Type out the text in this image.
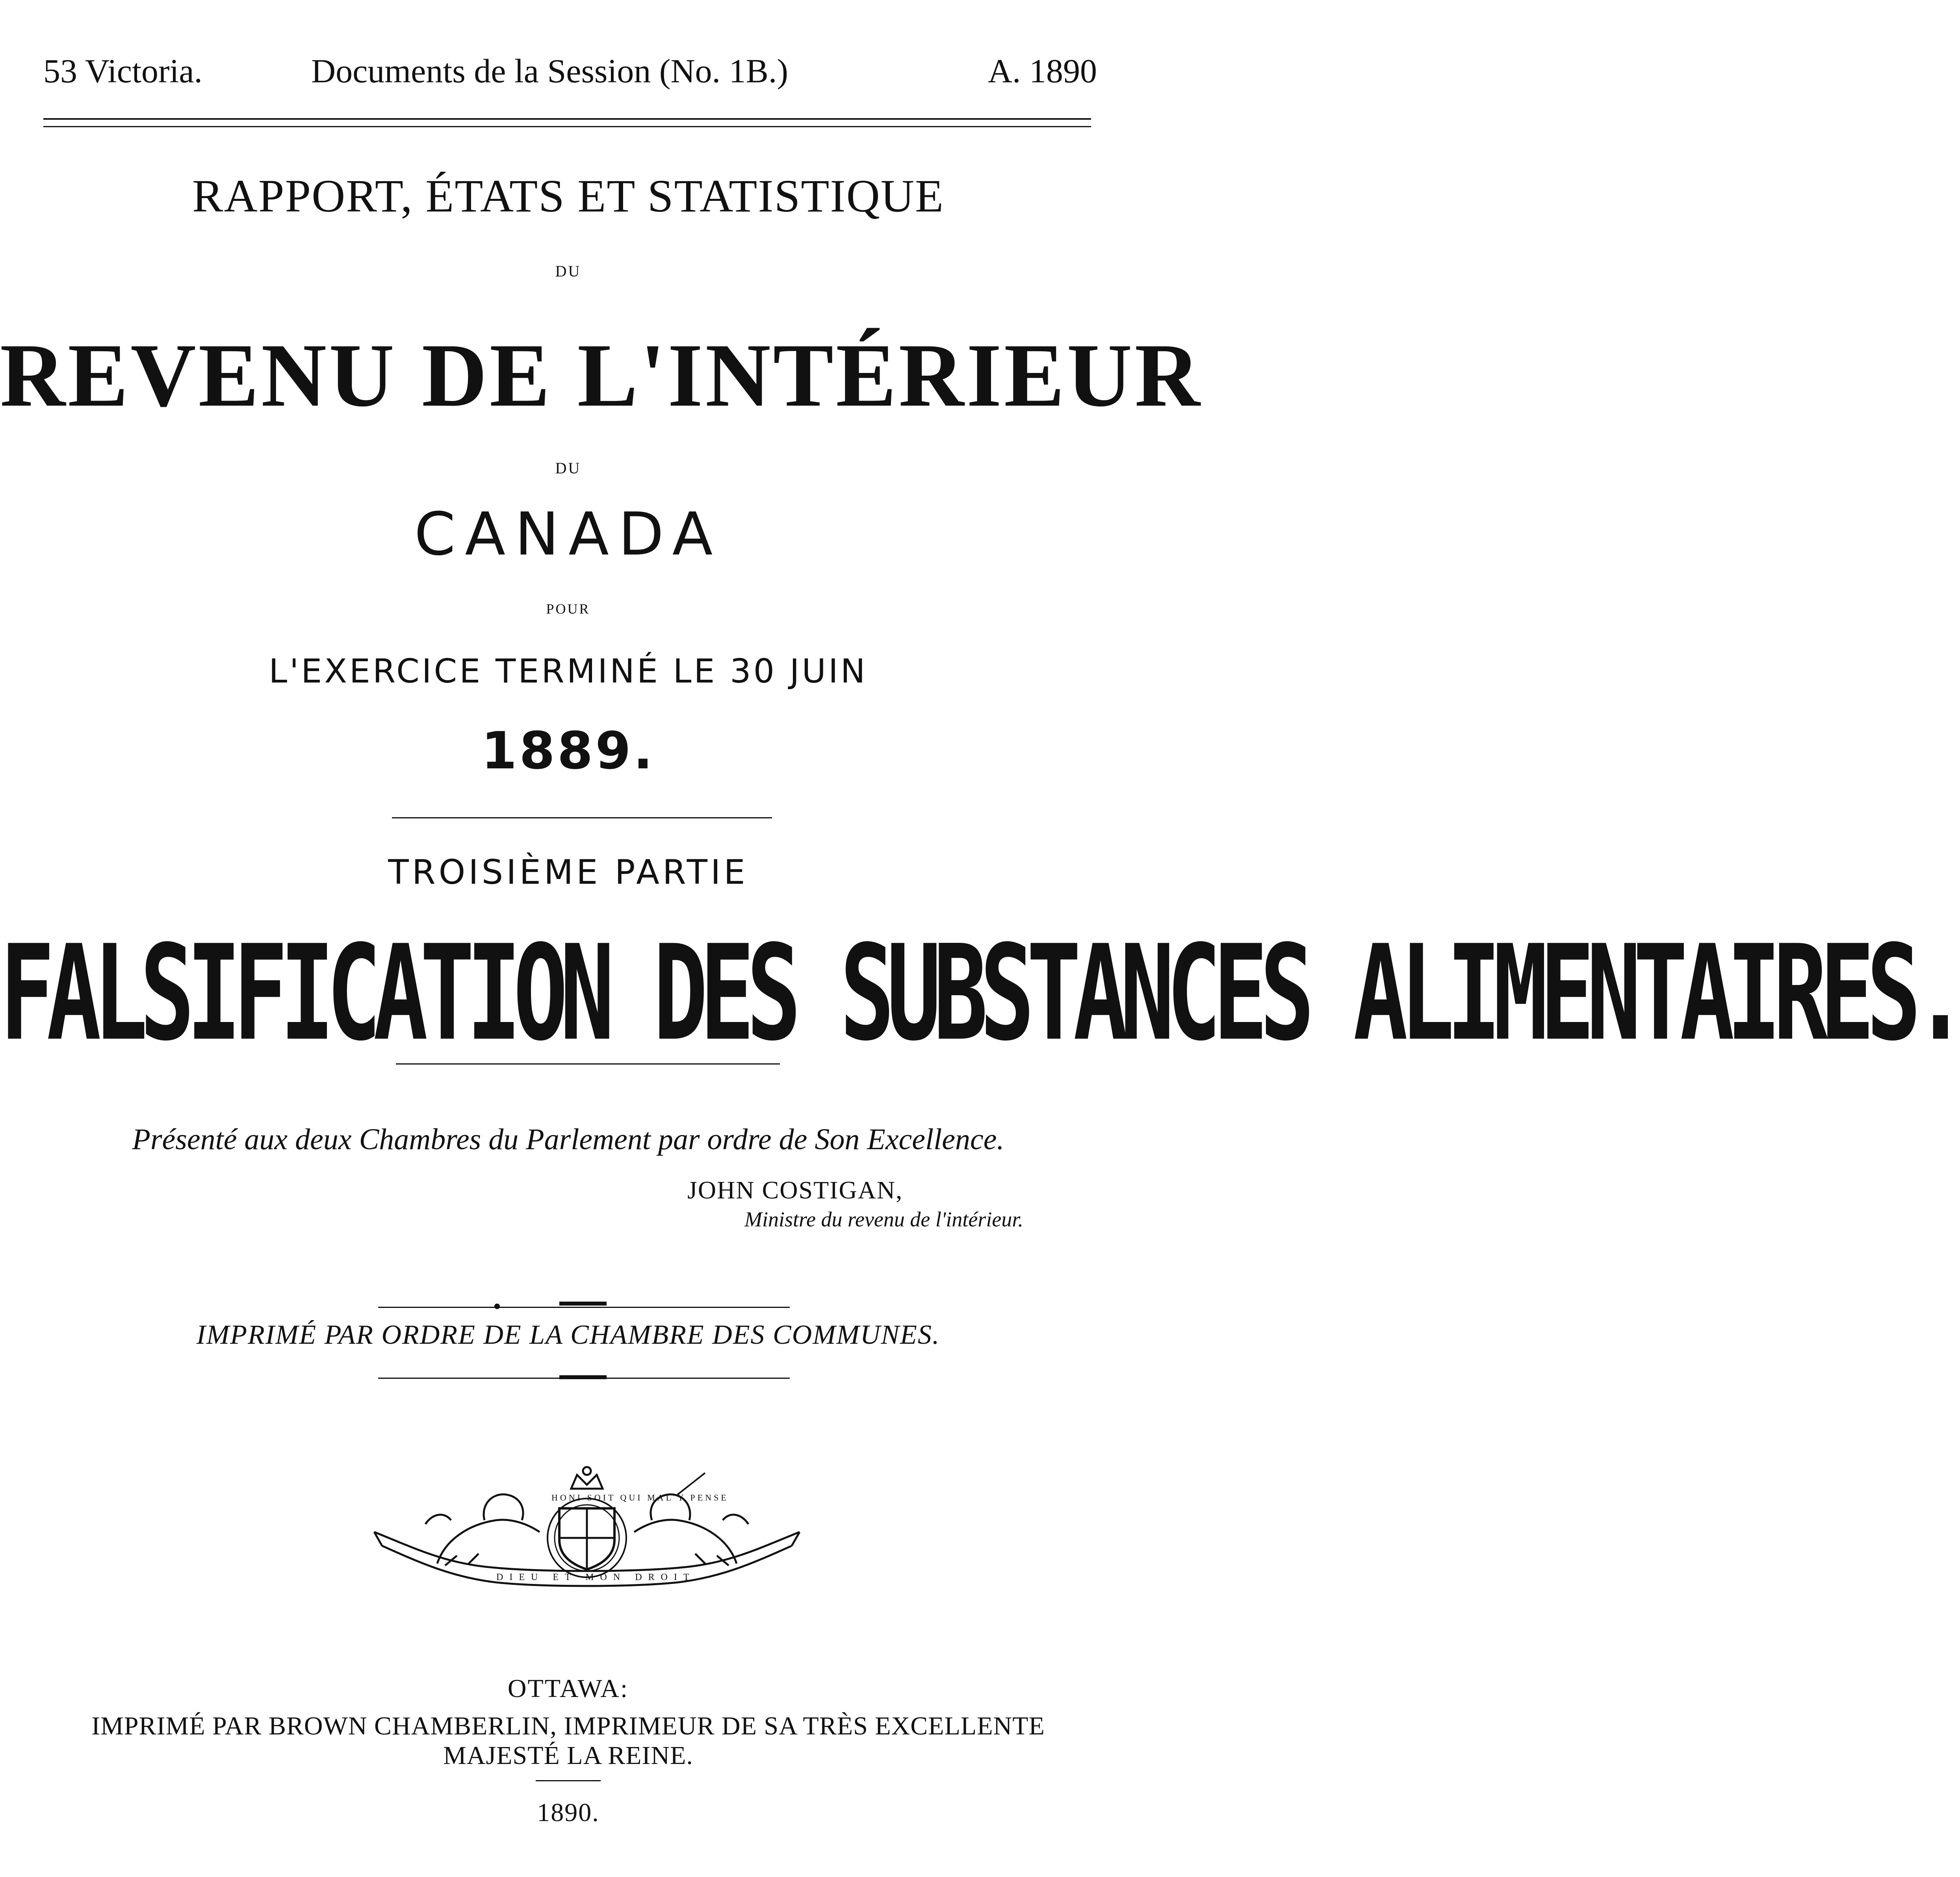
53 Victoria.	Documents de la Session (No. 1B.)	A. 1890
RAPPORT, ÉTATS ET STATISTIQUE
DU
REVENU DE L'INTÉRIEUR
DU
CANADA
POUR
L'EXERCICE TERMINÉ LE 30 JUIN
1889.
TROISIÈME PARTIE
FALSIFICATION DES SUBSTANCES ALIMENTAIRES.
Présenté aux deux Chambres du Parlement par ordre de Son Excellence.
JOHN COSTIGAN,
Ministre du revenu de l'intérieur.
IMPRIMÉ PAR ORDRE DE LA CHAMBRE DES COMMUNES.
HONI SOIT QUI MAL Y PENSE
DIEU ET MON DROIT
OTTAWA:
IMPRIMÉ PAR BROWN CHAMBERLIN, IMPRIMEUR DE SA TRÈS EXCELLENTE
MAJESTÉ LA REINE.
1890.
